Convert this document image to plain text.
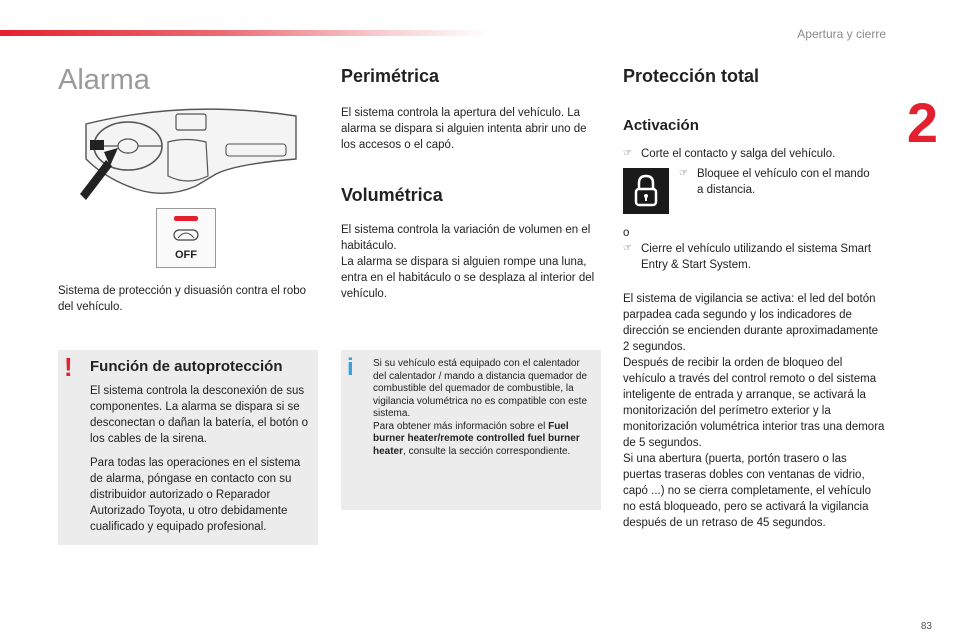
Apertura y cierre
2
83
Alarma
OFF

Sistema de protección y disuasión contra el robo del vehículo.

! Función de autoprotección

El sistema controla la desconexión de sus componentes. La alarma se dispara si se desconectan o dañan la batería, el botón o los cables de la sirena.

Para todas las operaciones en el sistema de alarma, póngase en contacto con su distribuidor autorizado o Reparador Autorizado Toyota, u otro debidamente cualificado y equipado profesional.

Perimétrica

El sistema controla la apertura del vehículo. La alarma se dispara si alguien intenta abrir uno de los accesos o el capó.

Volumétrica

El sistema controla la variación de volumen en el habitáculo.

La alarma se dispara si alguien rompe una luna, entra en el habitáculo o se desplaza al interior del vehículo.

i Si su vehículo está equipado con el calentador del calentador / mando a distancia quemador de combustible del quemador de combustible, la vigilancia volumétrica no es compatible con este sistema.

Para obtener más información sobre el Fuel burner heater/remote controlled fuel burner heater, consulte la sección correspondiente.

Protección total
Activación
☞ Corte el contacto y salga del vehículo.

☞ Bloquee el vehículo con el mando a distancia.

o

☞ Cierre el vehículo utilizando el sistema Smart Entry & Start System.

El sistema de vigilancia se activa: el led del botón parpadea cada segundo y los indicadores de dirección se encienden durante aproximadamente 2 segundos.

Después de recibir la orden de bloqueo del vehículo a través del control remoto o del sistema inteligente de entrada y arranque, se activará la monitorización del perímetro exterior y la monitorización volumétrica interior tras una demora de 5 segundos.

Si una abertura (puerta, portón trasero o las puertas traseras dobles con ventanas de vidrio, capó ...) no se cierra completamente, el vehículo no está bloqueado, pero se activará la vigilancia después de un retraso de 45 segundos.
